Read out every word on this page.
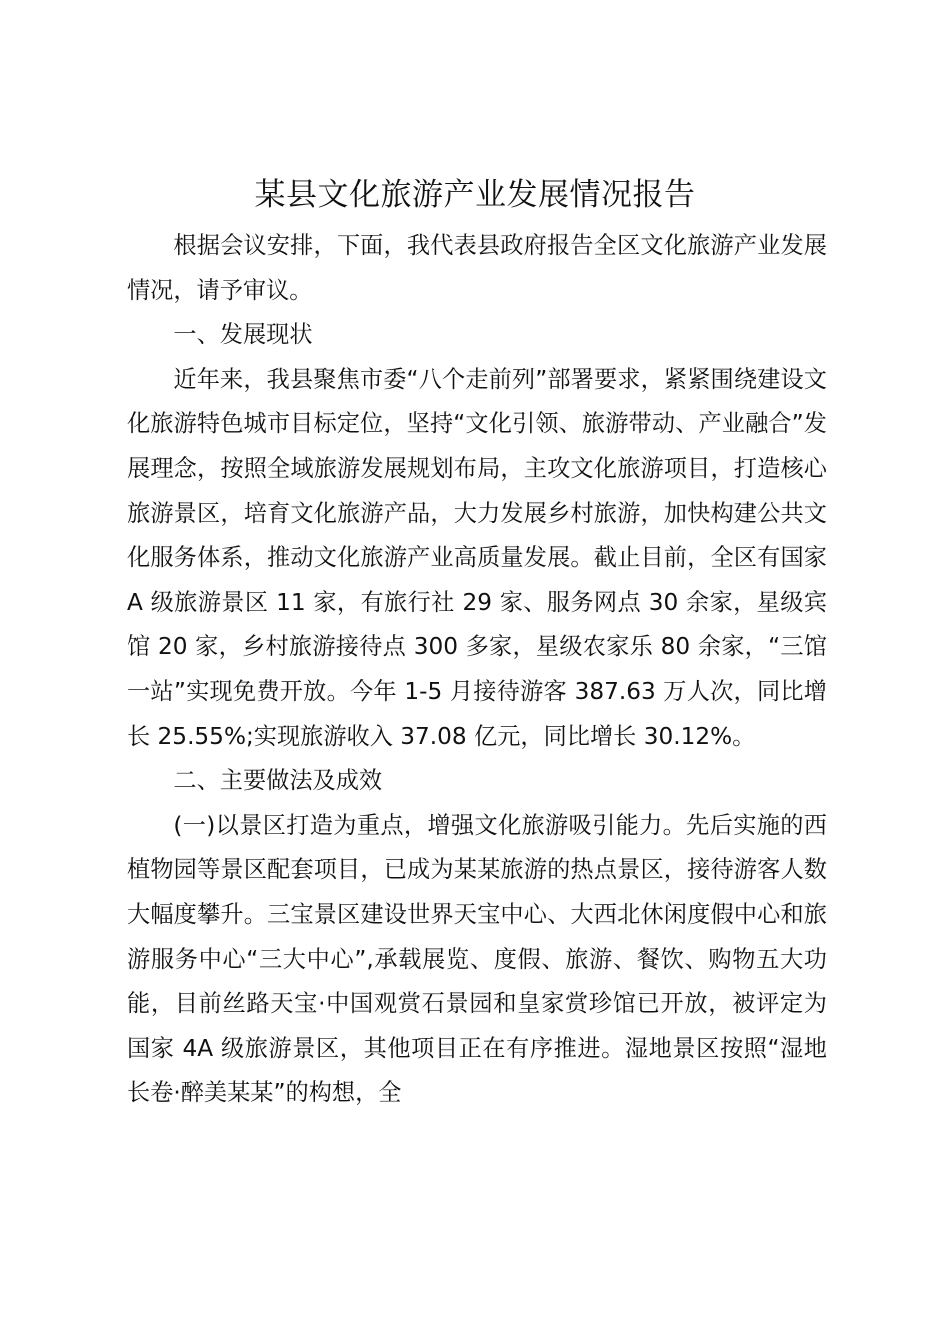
某县文化旅游产业发展情况报告

根据会议安排，下面，我代表县政府报告全区文化旅游产业发展情况，请予审议。

一、发展现状

近年来，我县聚焦市委“八个走前列”部署要求，紧紧围绕建设文化旅游特色城市目标定位，坚持“文化引领、旅游带动、产业融合”发展理念，按照全域旅游发展规划布局，主攻文化旅游项目，打造核心旅游景区，培育文化旅游产品，大力发展乡村旅游，加快构建公共文化服务体系，推动文化旅游产业高质量发展。截止目前，全区有国家 A 级旅游景区 11 家，有旅行社 29 家、服务网点 30 余家，星级宾馆 20 家，乡村旅游接待点 300 多家，星级农家乐 80 余家，“三馆一站”实现免费开放。今年 1-5 月接待游客 387.63 万人次，同比增长 25.55%;实现旅游收入 37.08 亿元，同比增长 30.12%。

二、主要做法及成效

(一)以景区打造为重点，增强文化旅游吸引能力。先后实施的西植物园等景区配套项目，已成为某某旅游的热点景区，接待游客人数大幅度攀升。三宝景区建设世界天宝中心、大西北休闲度假中心和旅游服务中心“三大中心”,承载展览、度假、旅游、餐饮、购物五大功能，目前丝路天宝·中国观赏石景园和皇家赏珍馆已开放，被评定为国家 4A 级旅游景区，其他项目正在有序推进。湿地景区按照“湿地长卷·醉美某某”的构想，全
